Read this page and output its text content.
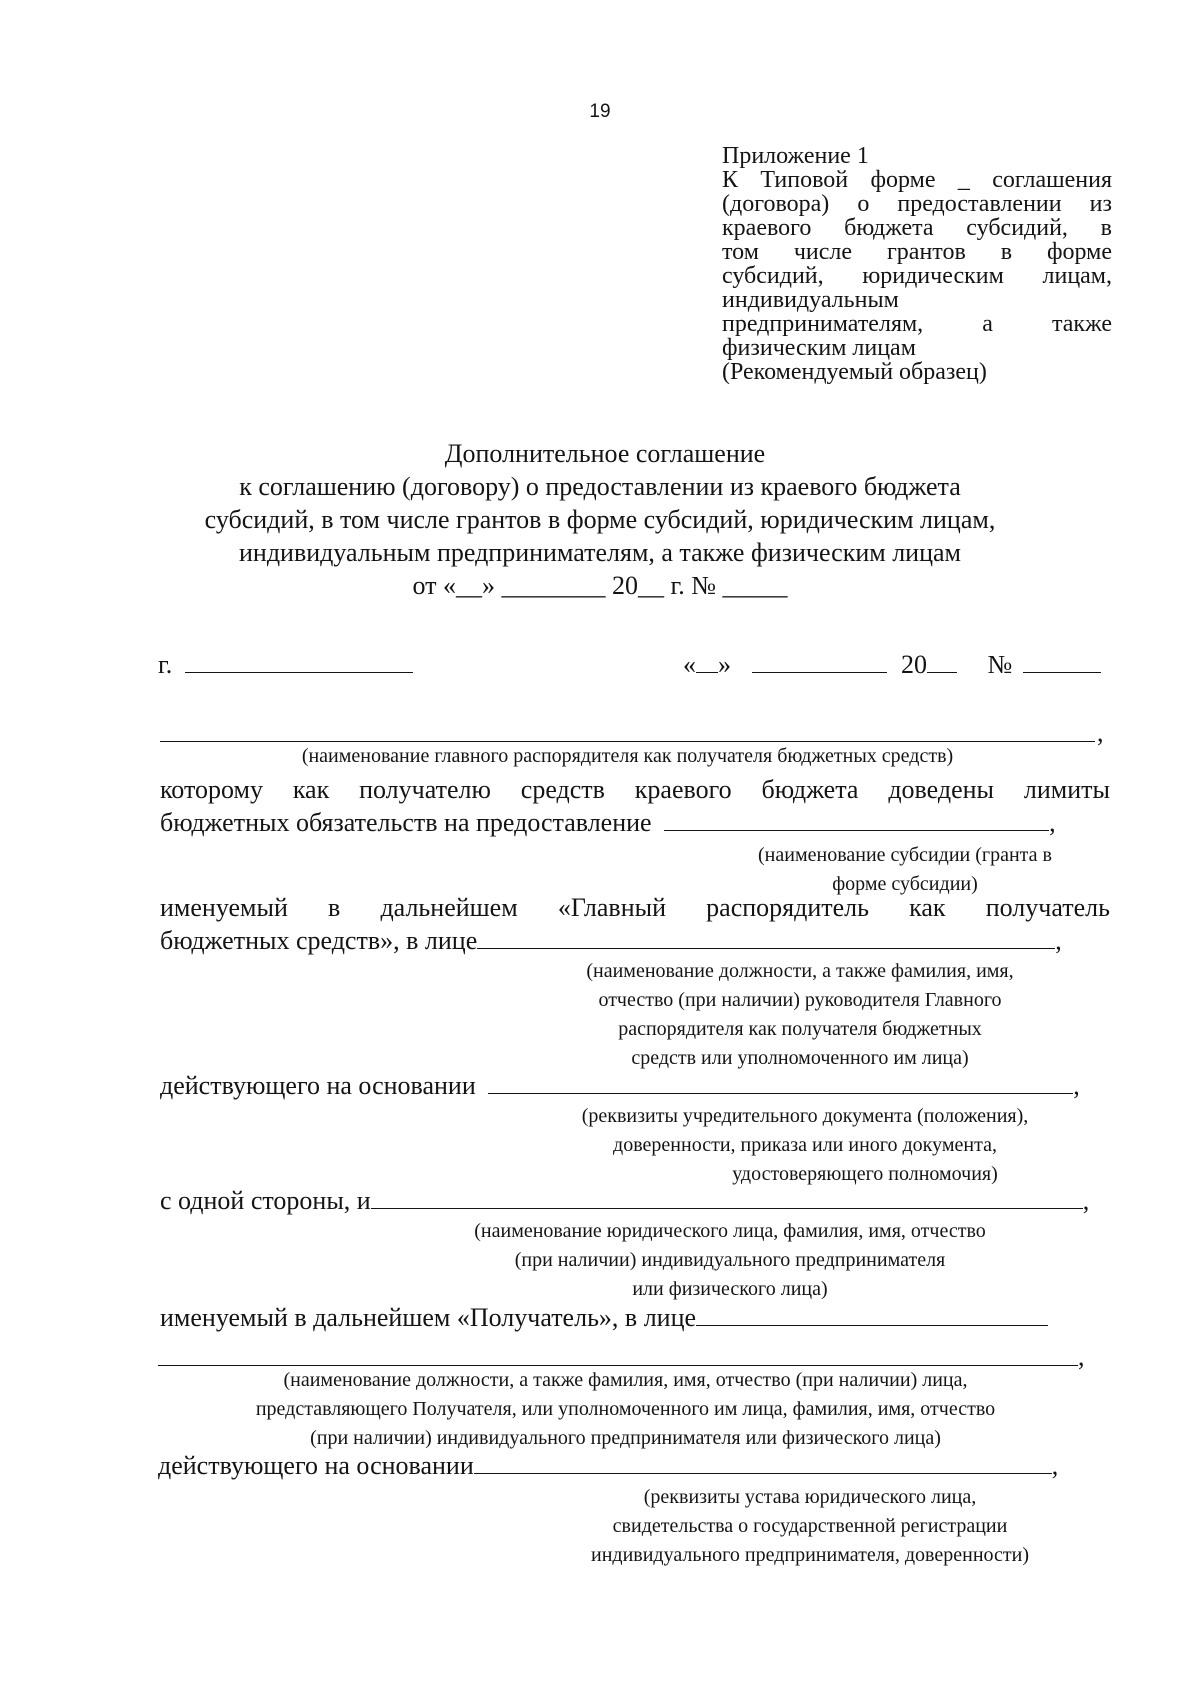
19
Приложение 1
К Типовой форме _ соглашения
(договора) о предоставлении из
краевого бюджета субсидий, в
том числе грантов в форме
субсидий, юридическим лицам,
индивидуальным
предпринимателям, а также
физическим лицам
(Рекомендуемый образец)
Дополнительное соглашение
к соглашению (договору) о предоставлении из краевого бюджета
субсидий, в том числе грантов в форме субсидий, юридическим лицам,
индивидуальным предпринимателям, а также физическим лицам
от «__» ________ 20__ г. № _____
г.	« »	20 №
,
(наименование главного распорядителя как получателя бюджетных средств)
которому как получателю средств краевого бюджета доведены лимиты
бюджетных обязательств на предоставление	,
(наименование субсидии (гранта в
форме субсидии)
именуемый в дальнейшем «Главный распорядитель как получатель
бюджетных средств», в лице	,
(наименование должности, а также фамилия, имя,
отчество (при наличии) руководителя Главного
распорядителя как получателя бюджетных
средств или уполномоченного им лица)
действующего на основании	,
(реквизиты учредительного документа (положения),
доверенности, приказа или иного документа,
удостоверяющего полномочия)
с одной стороны, и	,
(наименование юридического лица, фамилия, имя, отчество
(при наличии) индивидуального предпринимателя
или физического лица)
именуемый в дальнейшем «Получатель», в лице
,
(наименование должности, а также фамилия, имя, отчество (при наличии) лица,
представляющего Получателя, или уполномоченного им лица, фамилия, имя, отчество
(при наличии) индивидуального предпринимателя или физического лица)
действующего на основании	,
(реквизиты устава юридического лица,
свидетельства о государственной регистрации
индивидуального предпринимателя, доверенности)
